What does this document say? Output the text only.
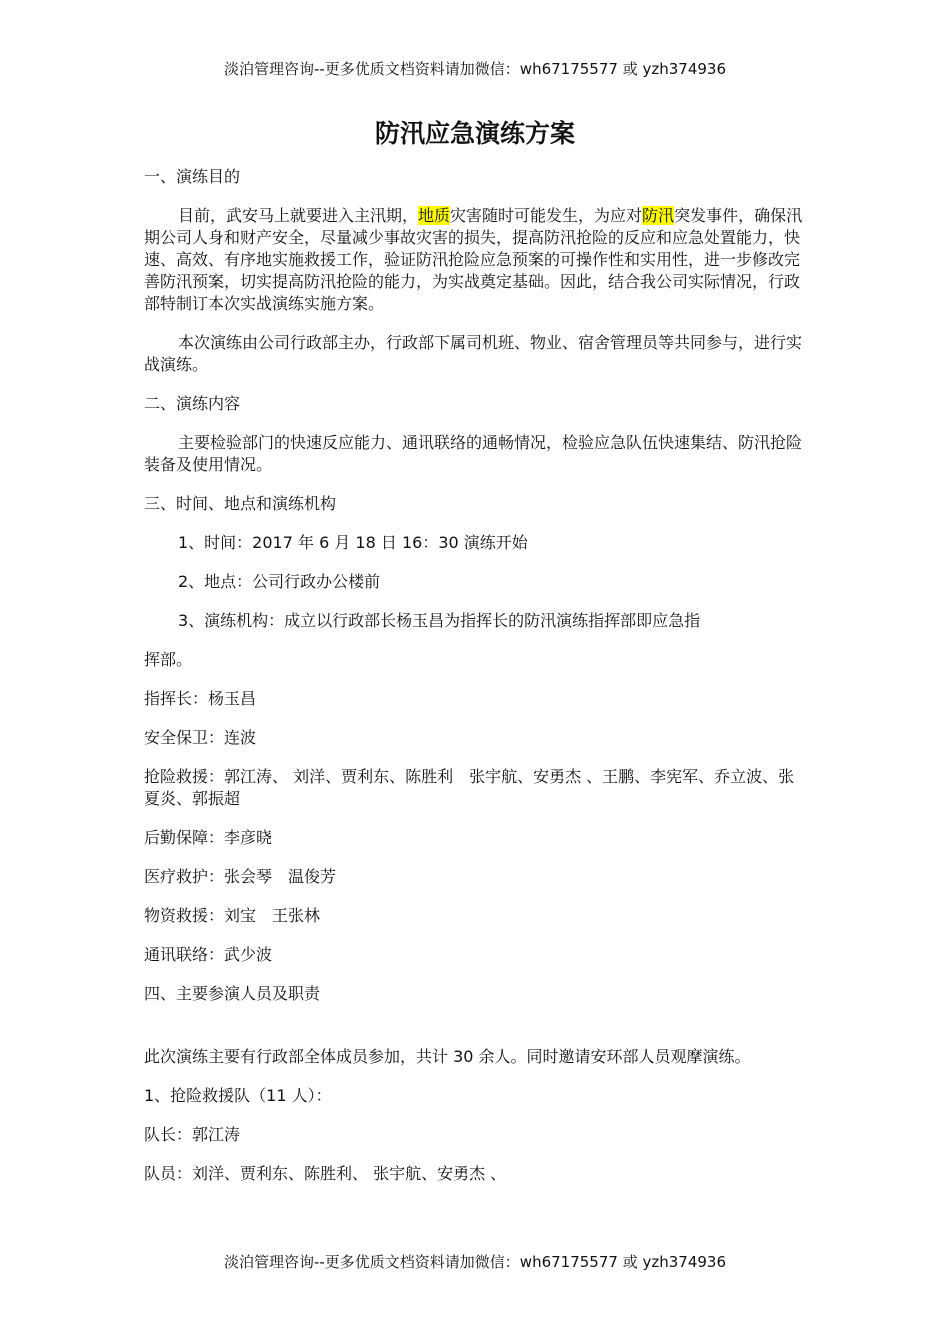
淡泊管理咨询--更多优质文档资料请加微信：wh67175577 或 yzh374936
防汛应急演练方案

一、演练目的

目前，武安马上就要进入主汛期，地质灾害随时可能发生，为应对防汛突发事件，确保汛期公司人身和财产安全，尽量减少事故灾害的损失，提高防汛抢险的反应和应急处置能力，快速、高效、有序地实施救援工作，验证防汛抢险应急预案的可操作性和实用性，进一步修改完善防汛预案，切实提高防汛抢险的能力，为实战奠定基础。因此，结合我公司实际情况，行政部特制订本次实战演练实施方案。

本次演练由公司行政部主办，行政部下属司机班、物业、宿舍管理员等共同参与，进行实战演练。

二、演练内容

主要检验部门的快速反应能力、通讯联络的通畅情况，检验应急队伍快速集结、防汛抢险装备及使用情况。

三、时间、地点和演练机构

1、时间：2017 年 6 月 18 日 16：30 演练开始

2、地点：公司行政办公楼前

3、演练机构：成立以行政部长杨玉昌为指挥长的防汛演练指挥部即应急指

挥部。

指挥长：杨玉昌

安全保卫：连波

抢险救援：郭江涛、 刘洋、贾利东、陈胜利　张宇航、安勇杰 、王鹏、李宪军、乔立波、张夏炎、郭振超

后勤保障：李彦晓

医疗救护：张会琴　温俊芳

物资救援：刘宝　王张林

通讯联络：武少波

四、主要参演人员及职责

此次演练主要有行政部全体成员参加，共计 30 余人。同时邀请安环部人员观摩演练。

1、抢险救援队（11 人）：

队长：郭江涛

队员：刘洋、贾利东、陈胜利、 张宇航、安勇杰 、

淡泊管理咨询--更多优质文档资料请加微信：wh67175577 或 yzh374936
